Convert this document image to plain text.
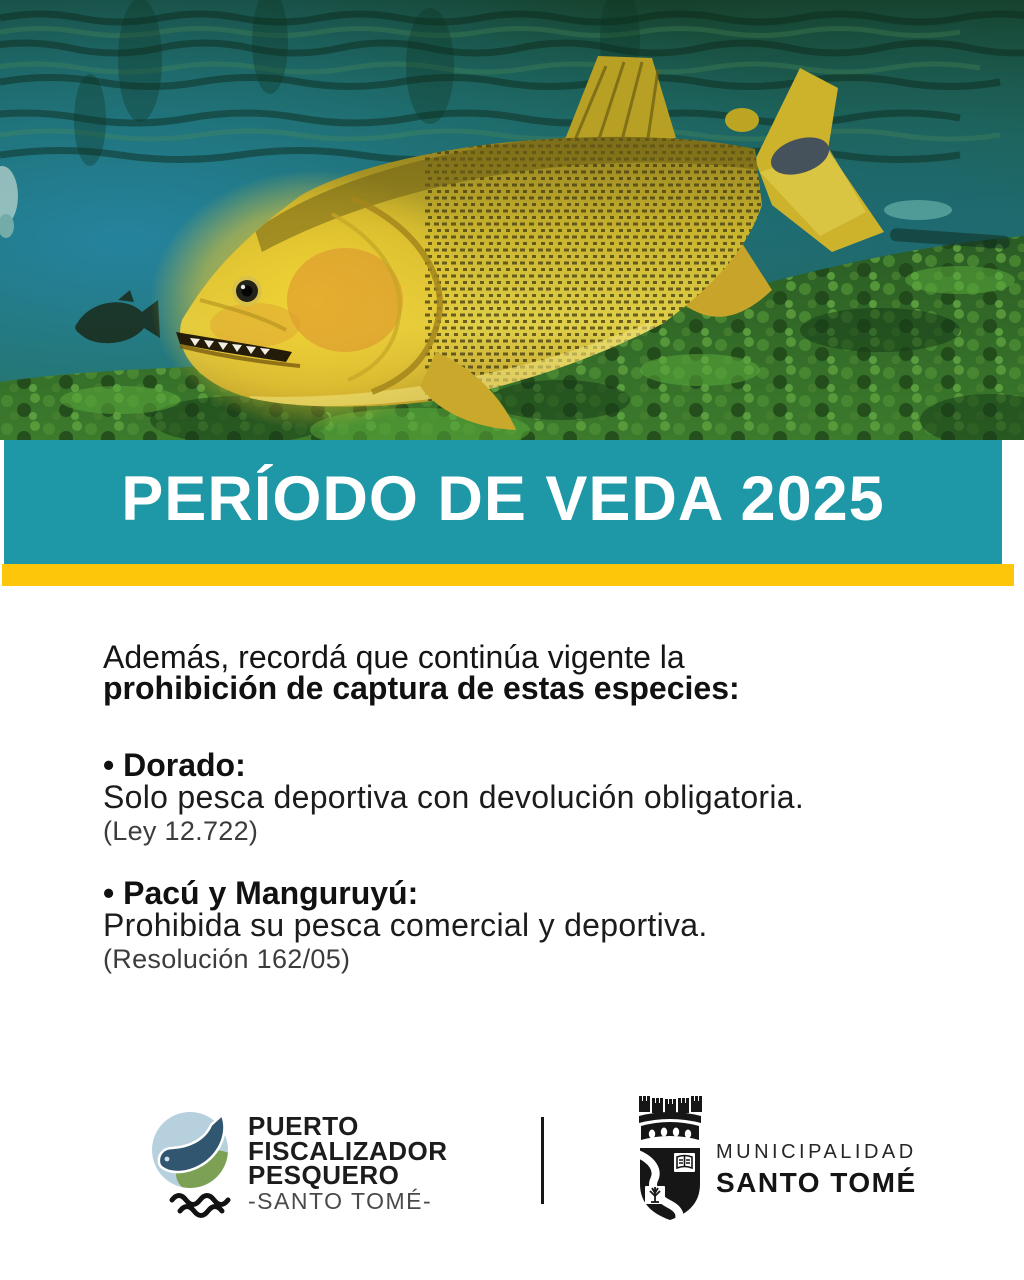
PERÍODO DE VEDA 2025
Además, recordá que continúa vigente la
prohibición de captura de estas especies:
• Dorado:
Solo pesca deportiva con devolución obligatoria.
(Ley 12.722)
• Pacú y Manguruyú:
Prohibida su pesca comercial y deportiva.
(Resolución 162/05)
PUERTO
FISCALIZADOR
PESQUERO
-SANTO TOMÉ-
MUNICIPALIDAD
SANTO TOMÉ
